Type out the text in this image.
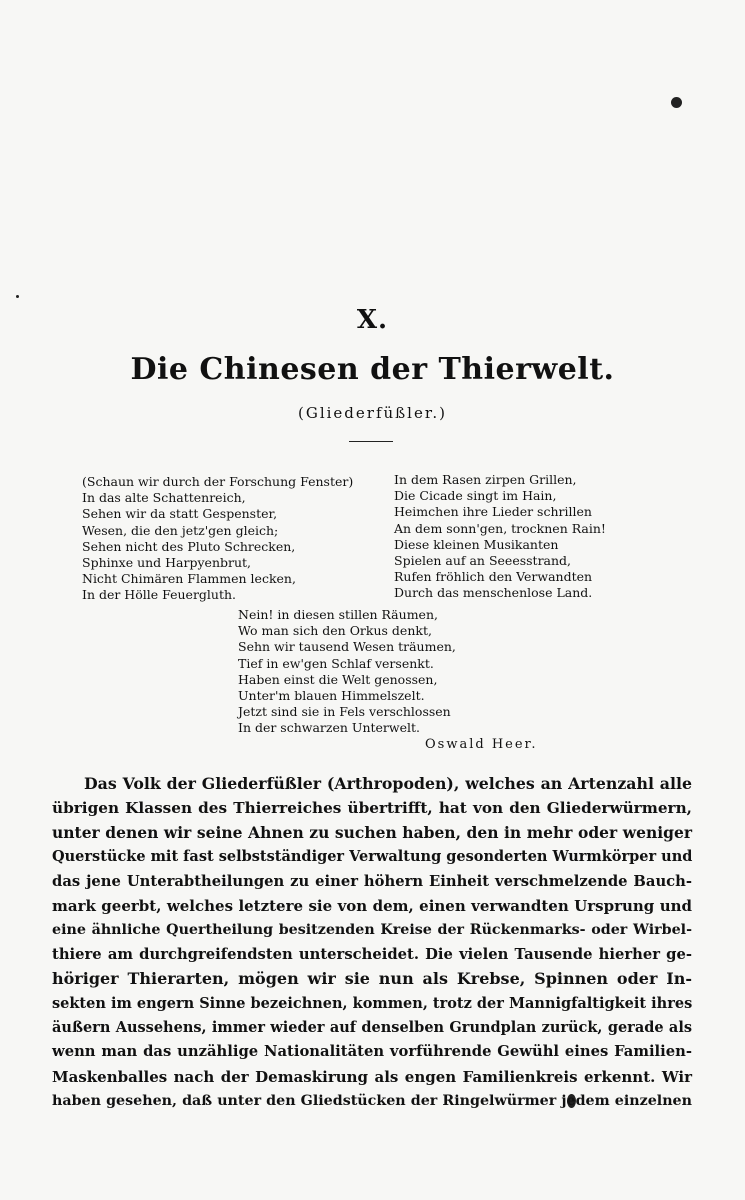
X.
Die Chinesen der Thierwelt.
(Gliederfüßler.)
(Schaun wir durch der Forschung Fenster)
In das alte Schattenreich,
Sehen wir da statt Gespenster,
Wesen, die den jetz'gen gleich;
Sehen nicht des Pluto Schrecken,
Sphinxe und Harpyenbrut,
Nicht Chimären Flammen lecken,
In der Hölle Feuergluth.
In dem Rasen zirpen Grillen,
Die Cicade singt im Hain,
Heimchen ihre Lieder schrillen
An dem sonn'gen, trocknen Rain!
Diese kleinen Musikanten
Spielen auf an Seeesstrand,
Rufen fröhlich den Verwandten
Durch das menschenlose Land.
Nein! in diesen stillen Räumen,
Wo man sich den Orkus denkt,
Sehn wir tausend Wesen träumen,
Tief in ew'gen Schlaf versenkt.
Haben einst die Welt genossen,
Unter'm blauen Himmelszelt.
Jetzt sind sie in Fels verschlossen
In der schwarzen Unterwelt.
Oswald Heer.
Das Volk der Gliederfüßler (Arthropoden), welches an Artenzahl alle
übrigen Klassen des Thierreiches übertrifft, hat von den Gliederwürmern,
unter denen wir seine Ahnen zu suchen haben, den in mehr oder weniger
Querstücke mit fast selbstständiger Verwaltung gesonderten Wurmkörper und
das jene Unterabtheilungen zu einer höhern Einheit verschmelzende Bauch-
mark geerbt, welches letztere sie von dem, einen verwandten Ursprung und
eine ähnliche Quertheilung besitzenden Kreise der Rückenmarks- oder Wirbel-
thiere am durchgreifendsten unterscheidet. Die vielen Tausende hierher ge-
höriger Thierarten, mögen wir sie nun als Krebse, Spinnen oder In-
sekten im engern Sinne bezeichnen, kommen, trotz der Mannigfaltigkeit ihres
äußern Aussehens, immer wieder auf denselben Grundplan zurück, gerade als
wenn man das unzählige Nationalitäten vorführende Gewühl eines Familien-
Maskenballes nach der Demaskirung als engen Familienkreis erkennt. Wir
haben gesehen, daß unter den Gliedstücken der Ringelwürmer jedem einzelnen
